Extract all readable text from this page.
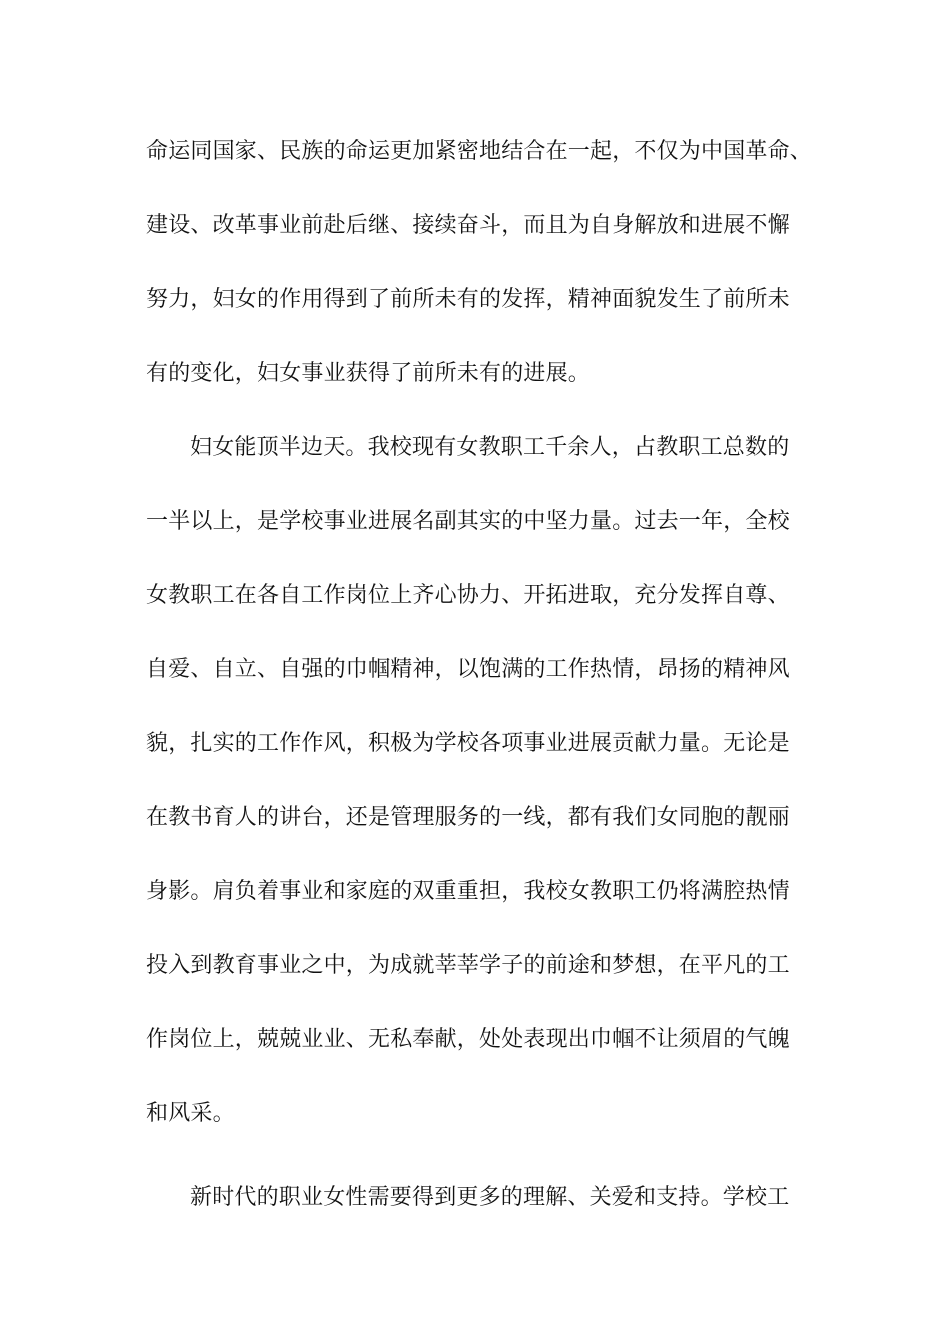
命运同国家、民族的命运更加紧密地结合在一起，不仅为中国革命、
建设、改革事业前赴后继、接续奋斗，而且为自身解放和进展不懈
努力，妇女的作用得到了前所未有的发挥，精神面貌发生了前所未
有的变化，妇女事业获得了前所未有的进展。
妇女能顶半边天。我校现有女教职工千余人，占教职工总数的
一半以上，是学校事业进展名副其实的中坚力量。过去一年，全校
女教职工在各自工作岗位上齐心协力、开拓进取，充分发挥自尊、
自爱、自立、自强的巾帼精神，以饱满的工作热情，昂扬的精神风
貌，扎实的工作作风，积极为学校各项事业进展贡献力量。无论是
在教书育人的讲台，还是管理服务的一线，都有我们女同胞的靓丽
身影。肩负着事业和家庭的双重重担，我校女教职工仍将满腔热情
投入到教育事业之中，为成就莘莘学子的前途和梦想，在平凡的工
作岗位上，兢兢业业、无私奉献，处处表现出巾帼不让须眉的气魄
和风采。
新时代的职业女性需要得到更多的理解、关爱和支持。学校工
